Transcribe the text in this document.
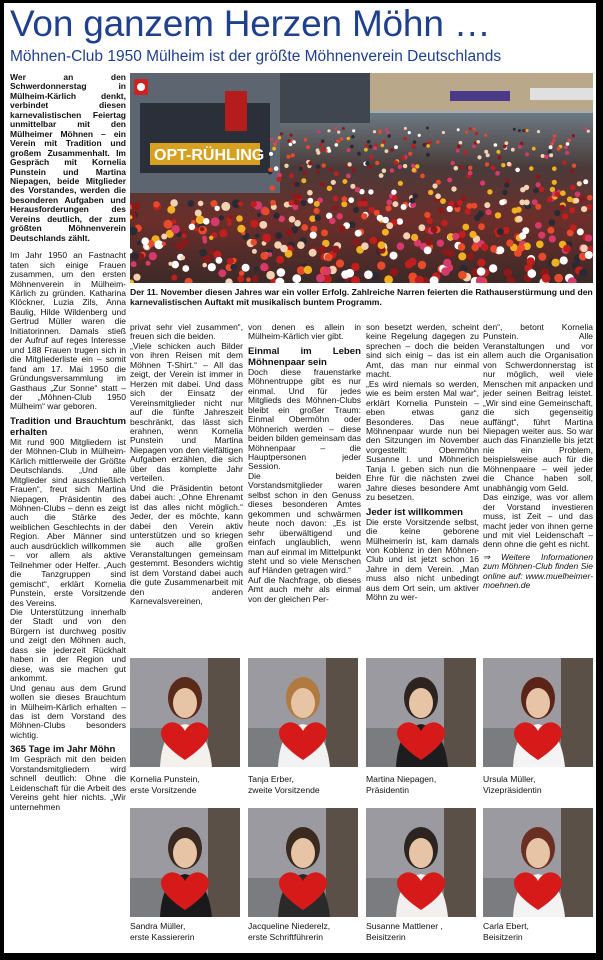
Von ganzem Herzen Möhn …
Möhnen-Club 1950 Mülheim ist der größte Möhnenverein Deutschlands

Wer an den Schwerdonnerstag in Mülheim-Kärlich denkt, verbindet diesen karnevalistischen Feiertag unmittelbar mit den Mülheimer Möhnen – ein Verein mit Tradition und großem Zusammenhalt. Im Gespräch mit Kornelia Punstein und Martina Niepagen, beide Mitglieder des Vorstandes, werden die besonderen Aufgaben und Herausforderungen des Vereins deutlich, der zum größten Möhnenverein Deutschlands zählt.

Im Jahr 1950 an Fastnacht taten sich einige Frauen zusammen, um den ersten Möhnenverein in Mülheim-Kärlich zu gründen. Katharina Klöckner, Luzia Zils, Anna Baulig, Hilde Wildenberg und Gertrud Müller waren die Initiatorinnen. Damals stieß der Aufruf auf reges Interesse und 188 Frauen trugen sich in die Mitgliederliste ein – somit fand am 17. Mai 1950 die Gründungsversammlung im Gasthaus „Zur Sonne“ statt – der „Möhnen-Club 1950 Mülheim“ war geboren.

Tradition und Brauchtum erhalten

Mit rund 900 Mitgliedern ist der Möhnen-Club in Mülheim-Kärlich mittlerweile der Größte Deutschlands. „Und alle Mitglieder sind ausschließlich Frauen“, freut sich Martina Niepagen, Präsidentin des Möhnen-Clubs – denn es zeigt auch die Stärke des weiblichen Geschlechts in der Region. Aber Männer sind auch ausdrücklich willkommen – vor allem als aktive Teilnehmer oder Helfer. „Auch die Tanzgruppen sind gemischt“, erklärt Kornelia Punstein, erste Vorsitzende des Vereins.

Die Unterstützung innerhalb der Stadt und von den Bürgern ist durchweg positiv und zeigt den Möhnen auch, dass sie jederzeit Rückhalt haben in der Region und diese, was sie machen gut ankommt.

Und genau aus dem Grund wollen sie dieses Brauchtum in Mülheim-Kärlich erhalten – das ist dem Vorstand des Möhnen-Clubs besonders wichtig.

365 Tage im Jahr Möhn

Im Gespräch mit den beiden Vorstandsmitgliedern wird schnell deutlich: Ohne die Leidenschaft für die Arbeit des Vereins geht hier nichts. „Wir unternehmen

OPT-RÜHLING
Der 11. November diesen Jahres war ein voller Erfolg. Zahlreiche Narren feierten die Rathauserstürmung und den karnevalistischen Auftakt mit musikalisch buntem Programm.

privat sehr viel zusammen“, freuen sich die beiden.

„Viele schicken auch Bilder von ihren Reisen mit dem Möhnen T-Shirt.“ – All das zeigt, der Verein ist immer in Herzen mit dabei. Und dass sich der Einsatz der Vereinsmitglieder nicht nur auf die fünfte Jahreszeit beschränkt, das lässt sich erahnen, wenn Kornelia Punstein und Martina Niepagen von den vielfältigen Aufgaben erzählen, die sich über das komplette Jahr verteilen.

Und die Präsidentin betont dabei auch: „Ohne Ehrenamt ist das alles nicht möglich.“ Jeder, der es möchte, kann dabei den Verein aktiv unterstützen und so kriegen sie auch alle großen Veranstaltungen gemeinsam gestemmt. Besonders wichtig ist dem Vorstand dabei auch die gute Zusammenarbeit mit den anderen Karnevalsvereinen,

von denen es allein in Mülheim-Kärlich vier gibt.

Einmal im Leben Möhnenpaar sein

Doch diese frauenstarke Möhnentruppe gibt es nur einmal. Und für jedes Mitglieds des Möhnen-Clubs bleibt ein großer Traum: Einmal Obermöhn oder Möhnerich werden – diese beiden bilden gemeinsam das Möhnenpaar – die Hauptpersonen jeder Session.

Die beiden Vorstandsmitglieder waren selbst schon in den Genuss dieses besonderen Amtes gekommen und schwärmen heute noch davon: „Es ist sehr überwältigend und einfach unglaublich, wenn man auf einmal im Mittelpunkt steht und so viele Menschen auf Händen getragen wird.“

Auf die Nachfrage, ob dieses Amt auch mehr als einmal von der gleichen Per-

son besetzt werden, scheint keine Regelung dagegen zu sprechen – doch die beiden sind sich einig – das ist ein Amt, das man nur einmal macht.

„Es wird niemals so werden, wie es beim ersten Mal war“, erklärt Kornelia Punstein – eben etwas ganz Besonderes. Das neue Möhnenpaar wurde nun bei den Sitzungen im November vorgestellt: Obermöhn Susanne I. und Möhnerich Tanja I. geben sich nun die Ehre für die nächsten zwei Jahre dieses besondere Amt zu besetzen.

Jeder ist willkommen

Die erste Vorsitzende selbst, die keine geborene Mülheimerin ist, kam damals von Koblenz in den Möhnen-Club und ist jetzt schon 16 Jahre in dem Verein. „Man muss also nicht unbedingt aus dem Ort sein, um aktiver Möhn zu wer-

den“, betont Kornelia Punstein. Alle Veranstaltungen und vor allem auch die Organisation von Schwerdonnerstag ist nur möglich, weil viele Menschen mit anpacken und jeder seinen Beitrag leistet. „Wir sind eine Gemeinschaft, die sich gegenseitig auffängt“, führt Martina Niepagen weiter aus. So war auch das Finanzielle bis jetzt nie ein Problem, beispielsweise auch für die Möhnenpaare – weil jeder die Chance haben soll, unabhängig vom Geld.

Das einzige, was vor allem der Vorstand investieren muss, ist Zeit – und das macht jeder von ihnen gerne und mit viel Leidenschaft – denn ohne die geht es nicht.

⇒ Weitere Informationen zum Möhnen-Club finden Sie online auf: www.muelheimer-moehnen.de

Kornelia Punstein,
erste Vorsitzende
Tanja Erber,
zweite Vorsitzende
Martina Niepagen,
Präsidentin
Ursula Müller,
Vizepräsidentin
Sandra Müller,
erste Kassiererin
Jacqueline Niederelz,
erste Schriftführerin
Susanne Mattlener ,
Beisitzerin
Carla Ebert,
Beisitzerin
